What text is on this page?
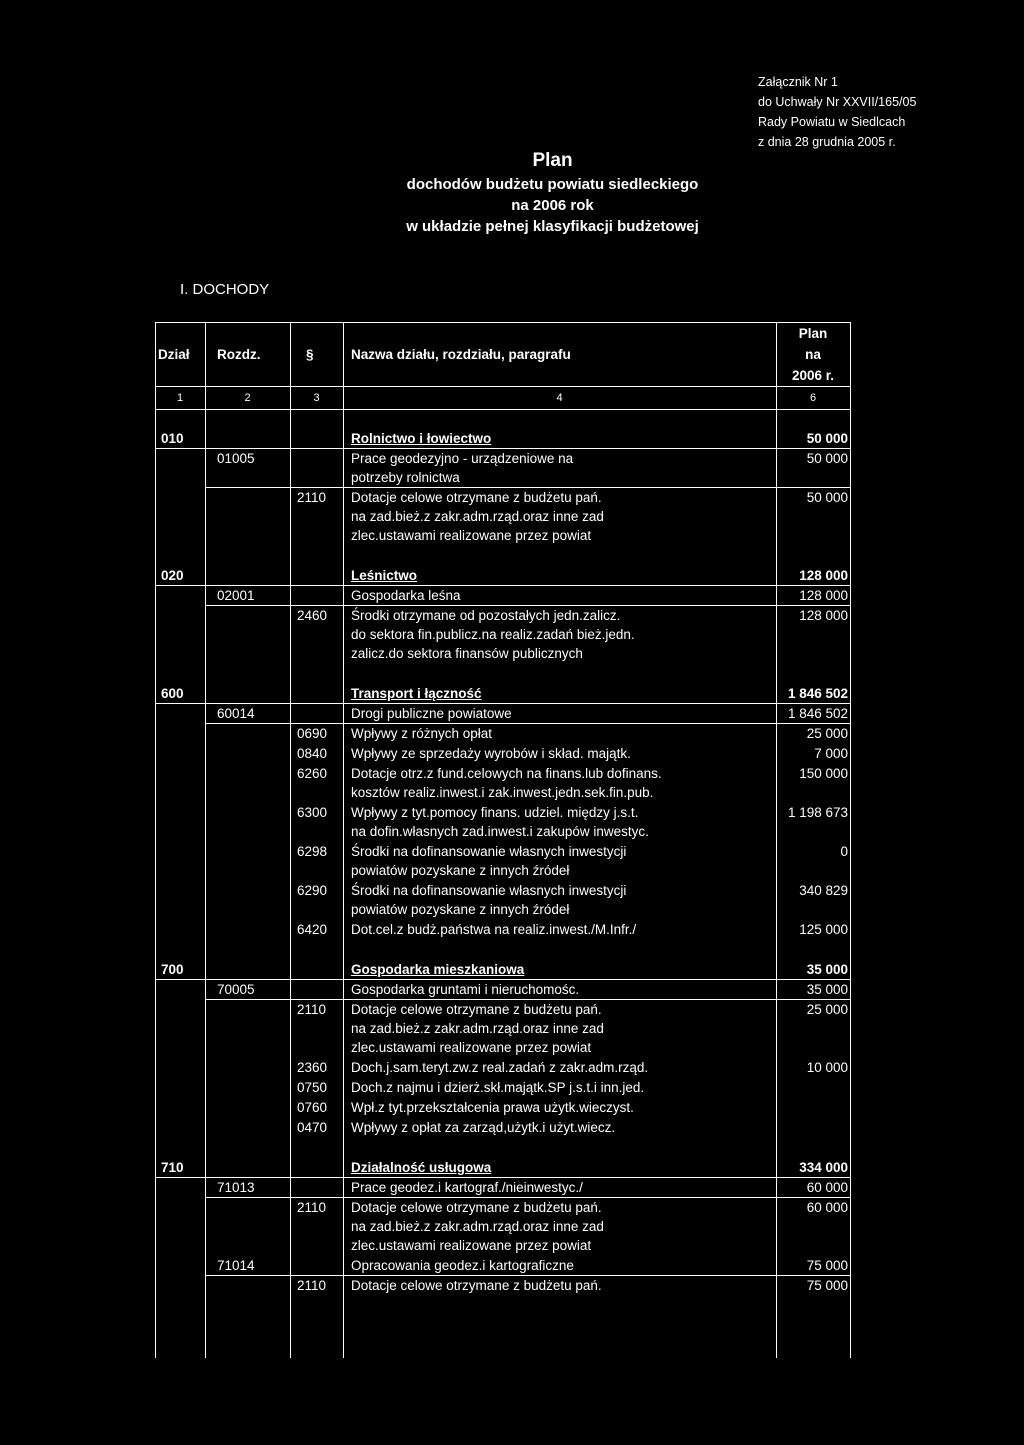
Załącznik Nr 1
do Uchwały Nr XXVII/165/05
Rady Powiatu w Siedlcach
z dnia 28 grudnia 2005 r.
Plan
dochodów budżetu powiatu siedleckiego
na 2006 rok
w układzie pełnej klasyfikacji budżetowej
I. DOCHODY
Dział Rozdz.	§	Nazwa działu, rozdziału, paragrafu
Plan
na
2006 r.
1	2	3	4	6
010	Rolnictwo i łowiectwo	50 000
01005	Prace geodezyjno - urządzeniowe na
potrzeby rolnictwa
50 000
2110 Dotacje celowe otrzymane z budżetu pań.
na zad.bież.z zakr.adm.rząd.oraz inne zad
zlec.ustawami realizowane przez powiat
50 000
020	Leśnictwo	128 000
02001	Gospodarka leśna	128 000
2460 Środki otrzymane od pozostałych jedn.zalicz.
do sektora fin.publicz.na realiz.zadań bież.jedn.
zalicz.do sektora finansów publicznych
128 000
600	Transport i łączność	1 846 502
60014	Drogi publiczne powiatowe	1 846 502
0690 Wpływy z różnych opłat	25 000
0840 Wpływy ze sprzedaży wyrobów i skład. majątk.	7 000
6260 Dotacje otrz.z fund.celowych na finans.lub dofinans.
kosztów realiz.inwest.i zak.inwest.jedn.sek.fin.pub.
150 000
6300 Wpływy z tyt.pomocy finans. udziel. między j.s.t.
na dofin.własnych zad.inwest.i zakupów inwestyc.
1 198 673
6298 Środki na dofinansowanie własnych inwestycji
powiatów pozyskane z innych źródeł
0
6290 Środki na dofinansowanie własnych inwestycji
powiatów pozyskane z innych źródeł
340 829
6420 Dot.cel.z budż.państwa na realiz.inwest./M.Infr./	125 000
700	Gospodarka mieszkaniowa	35 000
70005	Gospodarka gruntami i nieruchomośc.	35 000
2110 Dotacje celowe otrzymane z budżetu pań.
na zad.bież.z zakr.adm.rząd.oraz inne zad
zlec.ustawami realizowane przez powiat
25 000
2360 Doch.j.sam.teryt.zw.z real.zadań z zakr.adm.rząd.	10 000
0750 Doch.z najmu i dzierż.skł.majątk.SP j.s.t.i inn.jed.
0760 Wpł.z tyt.przekształcenia prawa użytk.wieczyst.
0470 Wpływy z opłat za zarząd,użytk.i użyt.wiecz.
710	Działalność usługowa	334 000
71013	Prace geodez.i kartograf./nieinwestyc./	60 000
2110 Dotacje celowe otrzymane z budżetu pań.
na zad.bież.z zakr.adm.rząd.oraz inne zad
zlec.ustawami realizowane przez powiat
60 000
71014	Opracowania geodez.i kartograficzne	75 000
2110 Dotacje celowe otrzymane z budżetu pań.	75 000
